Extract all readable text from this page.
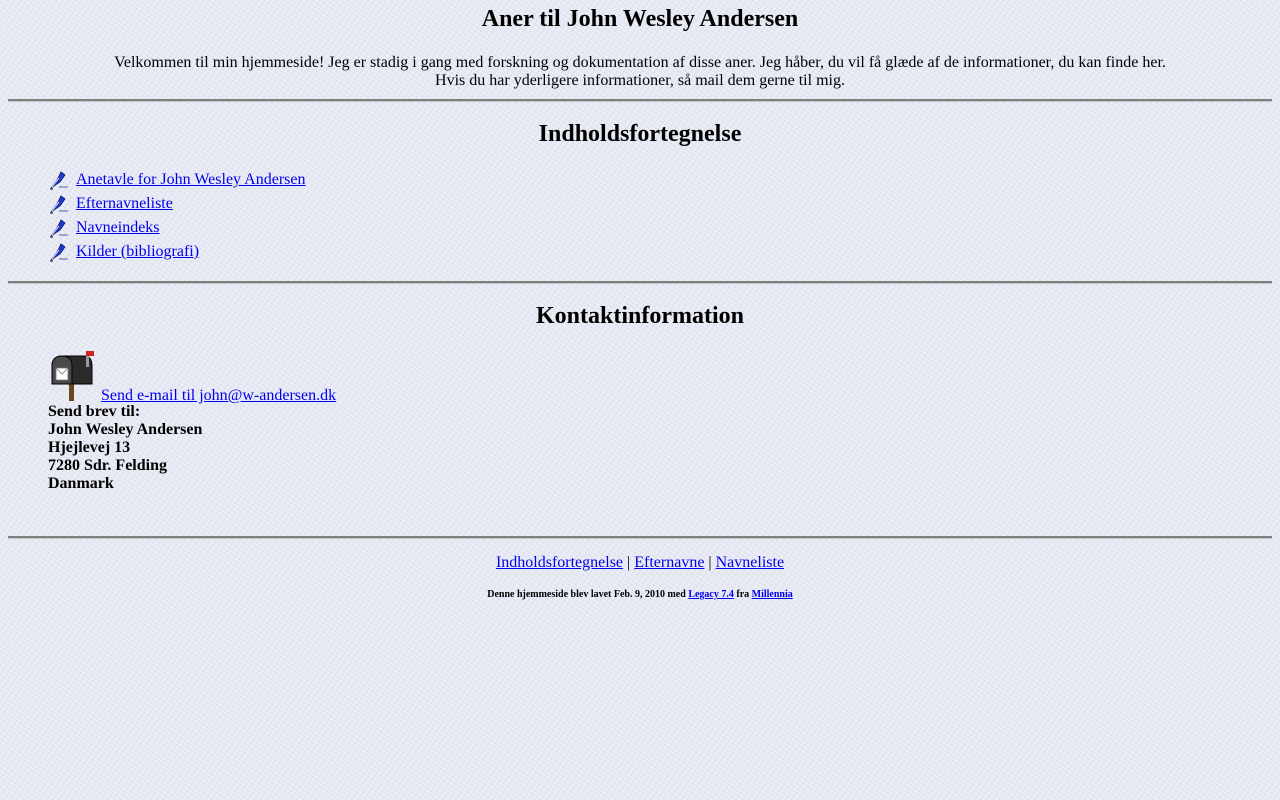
Aner til John Wesley Andersen
Velkommen til min hjemmeside! Jeg er stadig i gang med forskning og dokumentation af disse aner. Jeg håber, du vil få glæde af de informationer, du kan finde her.
Hvis du har yderligere informationer, så mail dem gerne til mig.
Indholdsfortegnelse
Anetavle for John Wesley Andersen
Efternavneliste
Navneindeks
Kilder (bibliografi)
Kontaktinformation
Send e-mail til john@w-andersen.dk
Send brev til:
John Wesley Andersen
Hjejlevej 13
7280 Sdr. Felding
Danmark
Indholdsfortegnelse | Efternavne | Navneliste
Denne hjemmeside blev lavet Feb. 9, 2010 med Legacy 7.4 fra Millennia
